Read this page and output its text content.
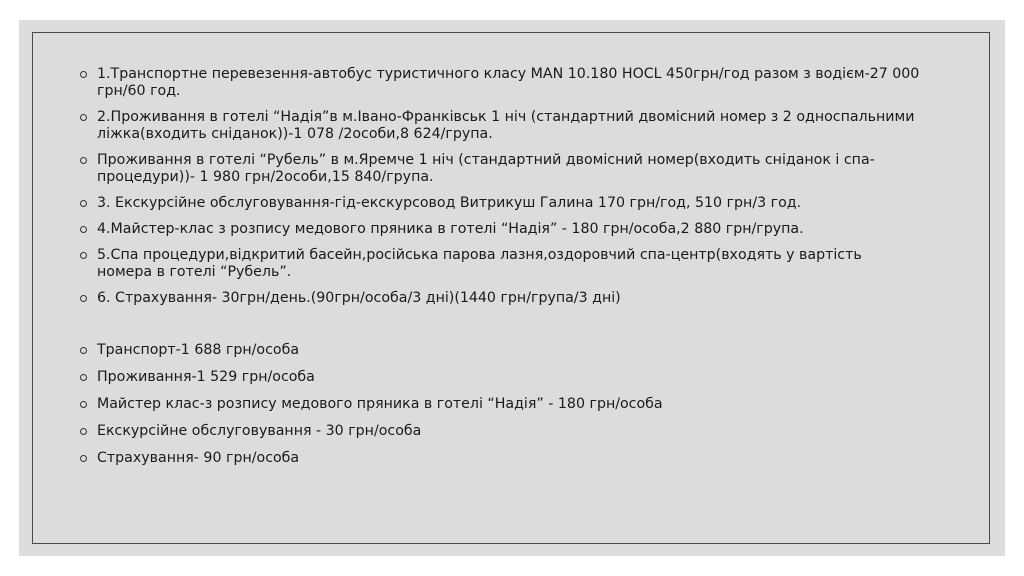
1.Транспортне перевезення-автобус туристичного класу MAN 10.180 HOCL 450грн/год разом з водієм-27 000 грн/60 год.
2.Проживання в готелі “Надія”в м.Івано-Франківськ 1 ніч (стандартний двомісний номер з 2 односпальними ліжка(входить сніданок))-1 078 /2особи,8 624/група.
Проживання в готелі “Рубель” в м.Яремче 1 ніч (стандартний двомісний номер(входить сніданок і спа-процедури))- 1 980 грн/2особи,15 840/група.
3. Екскурсійне обслуговування-гід-екскурсовод Витрикуш Галина 170 грн/год, 510 грн/3 год.
4.Майстер-клас з розпису медового пряника в готелі “Надія” - 180 грн/особа,2 880 грн/група.
5.Спа процедури,відкритий басейн,російська парова лазня,оздоровчий спа-центр(входять у вартість номера в готелі “Рубель”.
6. Страхування- 30грн/день.(90грн/особа/3 дні)(1440 грн/група/3 дні)
Транспорт-1 688 грн/особа
Проживання-1 529 грн/особа
Майстер клас-з розпису медового пряника в готелі “Надія” - 180 грн/особа
Екскурсійне обслуговування - 30 грн/особа
Страхування- 90 грн/особа
